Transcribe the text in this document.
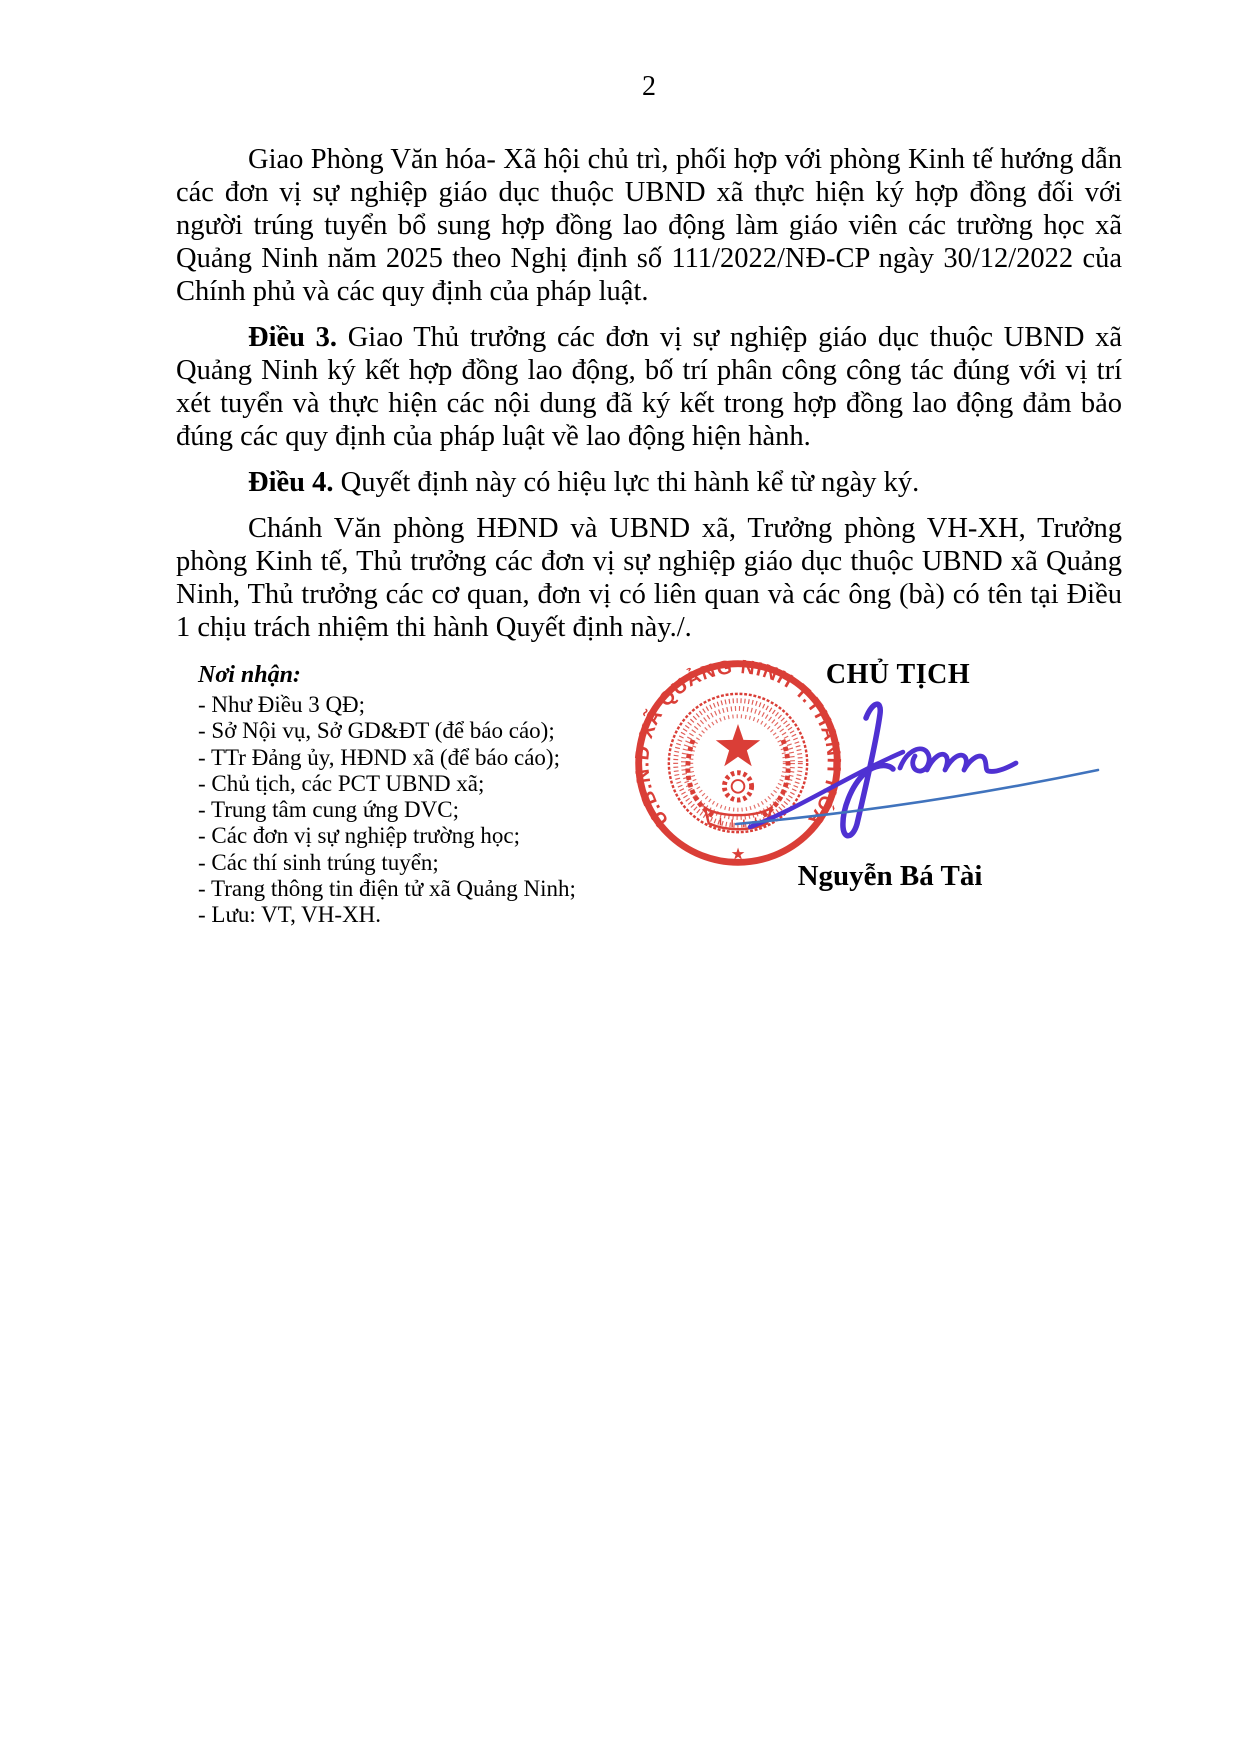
2

Giao Phòng Văn hóa- Xã hội chủ trì, phối hợp với phòng Kinh tế hướng dẫn các đơn vị sự nghiệp giáo dục thuộc UBND xã thực hiện ký hợp đồng đối với người trúng tuyển bổ sung hợp đồng lao động làm giáo viên các trường học xã Quảng Ninh năm 2025 theo Nghị định số 111/2022/NĐ-CP ngày 30/12/2022 của Chính phủ và các quy định của pháp luật.

Điều 3. Giao Thủ trưởng các đơn vị sự nghiệp giáo dục thuộc UBND xã Quảng Ninh ký kết hợp đồng lao động, bố trí phân công công tác đúng với vị trí xét tuyển và thực hiện các nội dung đã ký kết trong hợp đồng lao động đảm bảo đúng các quy định của pháp luật về lao động hiện hành.

Điều 4. Quyết định này có hiệu lực thi hành kể từ ngày ký.

Chánh Văn phòng HĐND và UBND xã, Trưởng phòng VH-XH, Trưởng phòng Kinh tế, Thủ trưởng các đơn vị sự nghiệp giáo dục thuộc UBND xã Quảng Ninh, Thủ trưởng các cơ quan, đơn vị có liên quan và các ông (bà) có tên tại Điều 1 chịu trách nhiệm thi hành Quyết định này./.

Nơi nhận:
- Như Điều 3 QĐ;
- Sở Nội vụ, Sở GD&ĐT (để báo cáo);
- TTr Đảng ủy, HĐND xã (để báo cáo);
- Chủ tịch, các PCT UBND xã;
- Trung tâm cung ứng DVC;
- Các đơn vị sự nghiệp trường học;
- Các thí sinh trúng tuyển;
- Trang thông tin điện tử xã Quảng Ninh;
- Lưu: VT, VH-XH.
CHỦ TỊCH
U.B.N.D XÃ QUẢNG NINH T.THANH HÓA
★
Nguyễn Bá Tài
